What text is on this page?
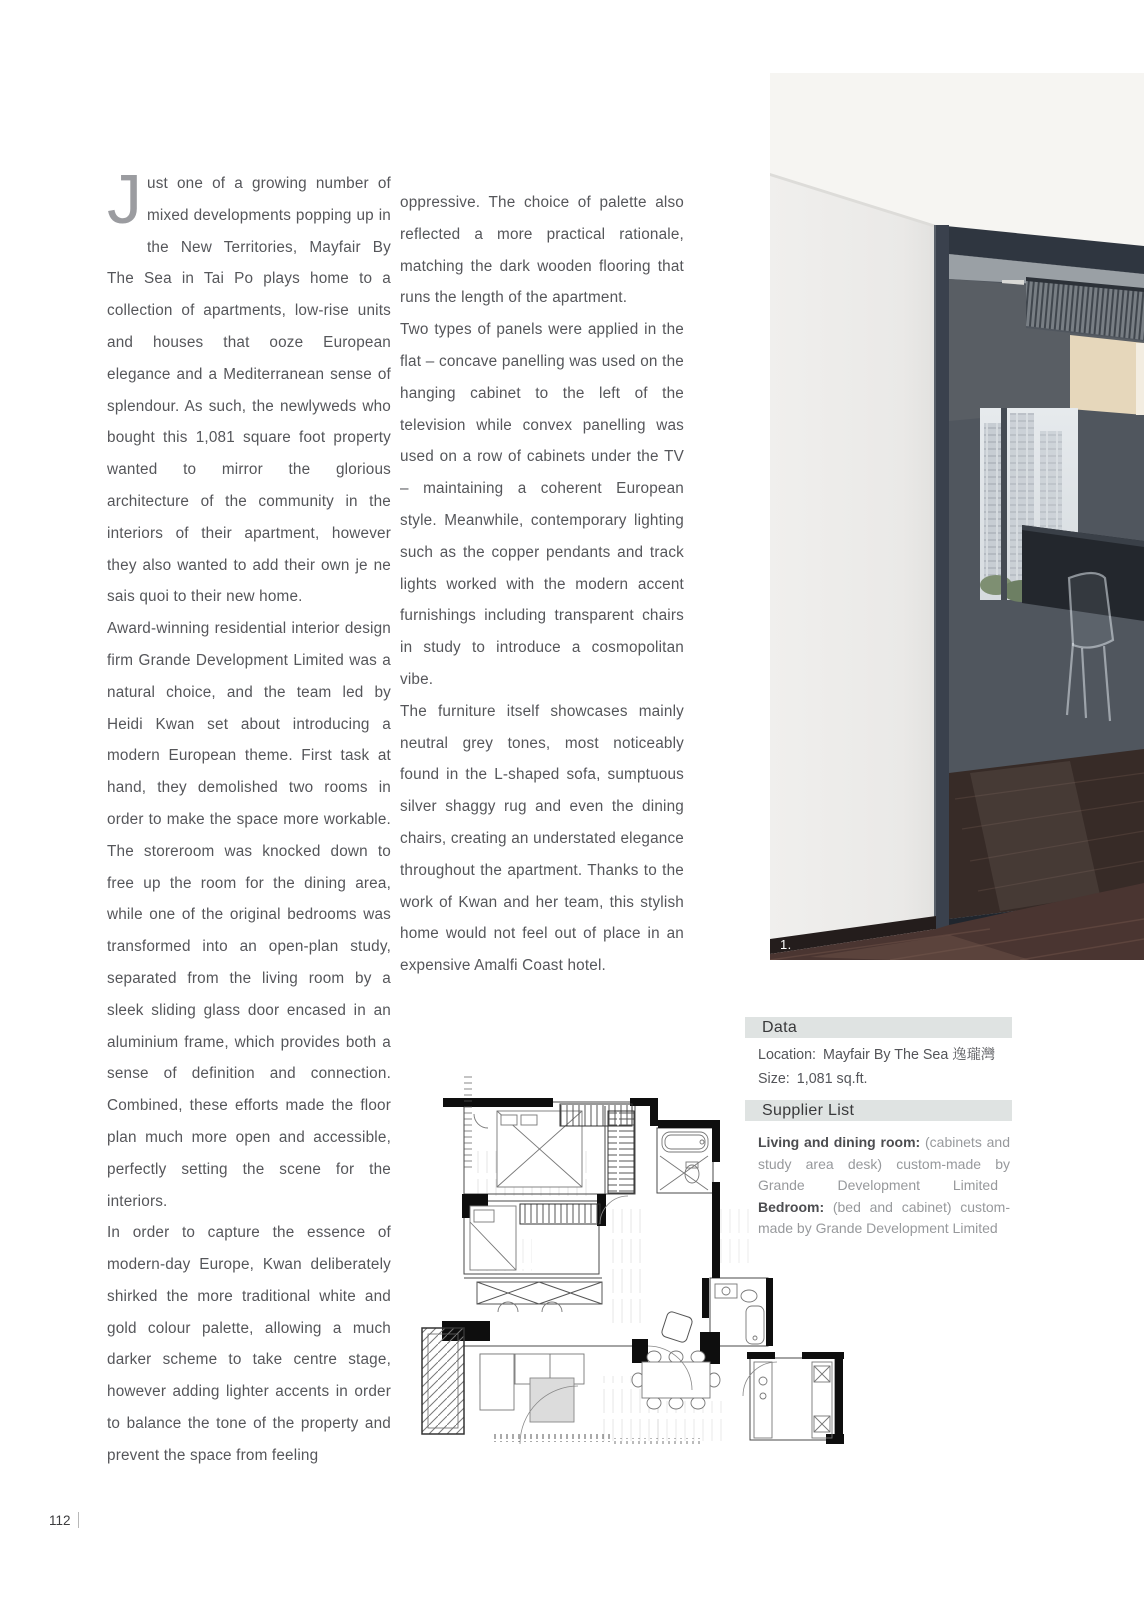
Just one of a growing number of mixed developments popping up in the New Territories, Mayfair By The Sea in Tai Po plays home to a collection of apartments, low-rise units and houses that ooze European elegance and a Mediterranean sense of splendour. As such, the newlyweds who bought this 1,081 square foot property wanted to mirror the glorious architecture of the community in the interiors of their apartment, however they also wanted to add their own je ne sais quoi to their new home.

Award-winning residential interior design firm Grande Development Limited was a natural choice, and the team led by Heidi Kwan set about introducing a modern European theme. First task at hand, they demolished two rooms in order to make the space more workable. The storeroom was knocked down to free up the room for the dining area, while one of the original bedrooms was transformed into an open-plan study, separated from the living room by a sleek sliding glass door encased in an aluminium frame, which provides both a sense of definition and connection. Combined, these efforts made the floor plan much more open and accessible, perfectly setting the scene for the interiors.

In order to capture the essence of modern-day Europe, Kwan deliberately shirked the more traditional white and gold colour palette, allowing a much darker scheme to take centre stage, however adding lighter accents in order to balance the tone of the property and prevent the space from feeling

oppressive. The choice of palette also reflected a more practical rationale, matching the dark wooden flooring that runs the length of the apartment.

Two types of panels were applied in the flat – concave panelling was used on the hanging cabinet to the left of the television while convex panelling was used on a row of cabinets under the TV – maintaining a coherent European style. Meanwhile, contemporary lighting such as the copper pendants and track lights worked with the modern accent furnishings including transparent chairs in study to introduce a cosmopolitan vibe.

The furniture itself showcases mainly neutral grey tones, most noticeably found in the L-shaped sofa, sumptuous silver shaggy rug and even the dining chairs, creating an understated elegance throughout the apartment. Thanks to the work of Kwan and her team, this stylish home would not feel out of place in an expensive Amalfi Coast hotel.

1.
Data
Location: Mayfair By The Sea 逸瓏灣
Size: 1,081 sq.ft.
Supplier List

Living and dining room: (cabinets and study area desk) custom-made by Grande Development LimitedBedroom: (bed and cabinet) custom-made by Grande Development Limited

112
